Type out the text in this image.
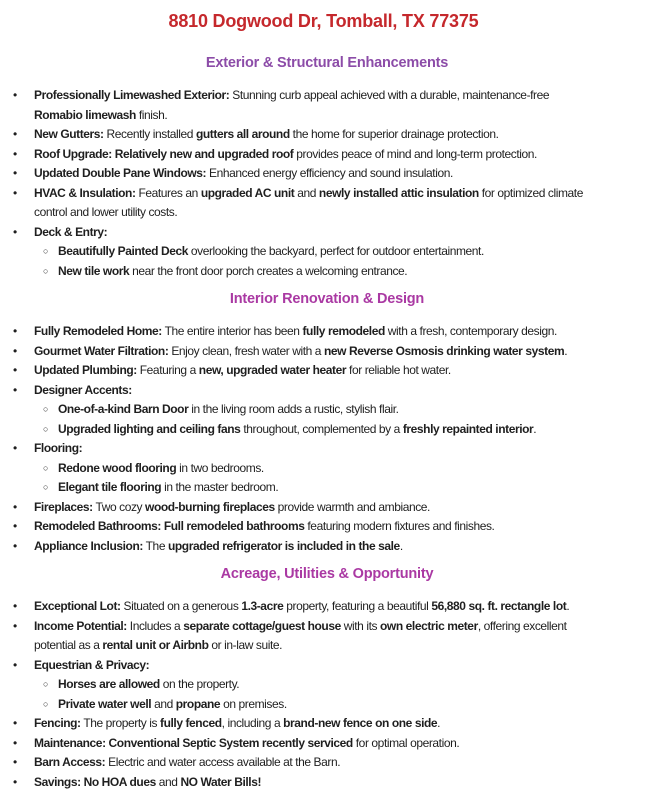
8810 Dogwood Dr, Tomball, TX 77375
Exterior & Structural Enhancements
•	Professionally Limewashed Exterior: Stunning curb appeal achieved with a durable, maintenance-free
Romabio limewash finish.
•	New Gutters: Recently installed gutters all around the home for superior drainage protection.
•	Roof Upgrade: Relatively new and upgraded roof provides peace of mind and long-term protection.
•	Updated Double Pane Windows: Enhanced energy efficiency and sound insulation.
•	HVAC & Insulation: Features an upgraded AC unit and newly installed attic insulation for optimized climate
control and lower utility costs.
•	Deck & Entry:
○ Beautifully Painted Deck overlooking the backyard, perfect for outdoor entertainment.
○ New tile work near the front door porch creates a welcoming entrance.
Interior Renovation & Design
•	Fully Remodeled Home: The entire interior has been fully remodeled with a fresh, contemporary design.
•	Gourmet Water Filtration: Enjoy clean, fresh water with a new Reverse Osmosis drinking water system.
•	Updated Plumbing: Featuring a new, upgraded water heater for reliable hot water.
•	Designer Accents:
○ One-of-a-kind Barn Door in the living room adds a rustic, stylish flair.
○ Upgraded lighting and ceiling fans throughout, complemented by a freshly repainted interior.
•	Flooring:
○ Redone wood flooring in two bedrooms.
○ Elegant tile flooring in the master bedroom.
•	Fireplaces: Two cozy wood-burning fireplaces provide warmth and ambiance.
•	Remodeled Bathrooms: Full remodeled bathrooms featuring modern fixtures and finishes.
•	Appliance Inclusion: The upgraded refrigerator is included in the sale.
Acreage, Utilities & Opportunity
•	Exceptional Lot: Situated on a generous 1.3-acre property, featuring a beautiful 56,880 sq. ft. rectangle lot.
•	Income Potential: Includes a separate cottage/guest house with its own electric meter, offering excellent
potential as a rental unit or Airbnb or in-law suite.
•	Equestrian & Privacy:
○ Horses are allowed on the property.
○ Private water well and propane on premises.
•	Fencing: The property is fully fenced, including a brand-new fence on one side.
•	Maintenance: Conventional Septic System recently serviced for optimal operation.
•	Barn Access: Electric and water access available at the Barn.
•	Savings: No HOA dues and NO Water Bills!
